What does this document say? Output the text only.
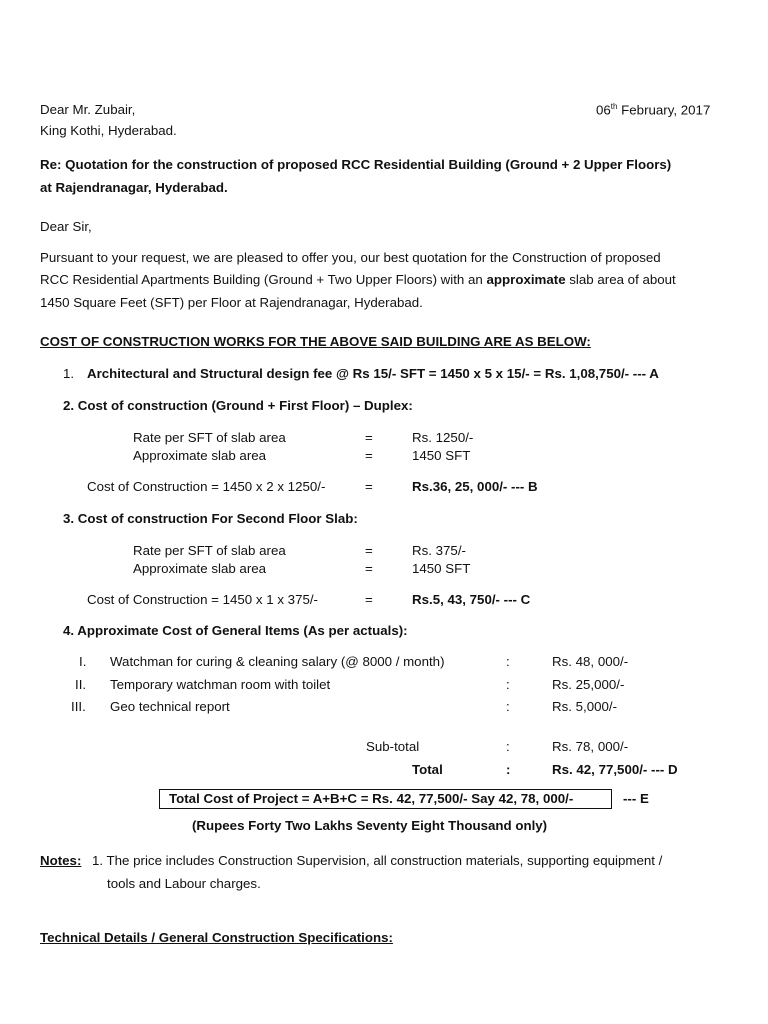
Dear Mr. Zubair,
King Kothi, Hyderabad.
06th February, 2017
Re: Quotation for the construction of proposed RCC Residential Building (Ground + 2 Upper Floors)
at Rajendranagar, Hyderabad.
Dear Sir,
Pursuant to your request, we are pleased to offer you, our best quotation for the Construction of proposed
RCC Residential Apartments Building (Ground + Two Upper Floors) with an approximate slab area of about
1450 Square Feet (SFT) per Floor at Rajendranagar, Hyderabad.
COST OF CONSTRUCTION WORKS FOR THE ABOVE SAID BUILDING ARE AS BELOW:
1. Architectural and Structural design fee @ Rs 15/- SFT = 1450 x 5 x 15/- = Rs. 1,08,750/- --- A
2. Cost of construction (Ground + First Floor) – Duplex:
Rate per SFT of slab area	=	Rs. 1250/-
Approximate slab area	=	1450 SFT
Cost of Construction = 1450 x 2 x 1250/-	=	Rs.36, 25, 000/- --- B
3. Cost of construction For Second Floor Slab:
Rate per SFT of slab area	=	Rs. 375/-
Approximate slab area	=	1450 SFT
Cost of Construction = 1450 x 1 x 375/-	=	Rs.5, 43, 750/- --- C
4. Approximate Cost of General Items (As per actuals):
I. Watchman for curing & cleaning salary (@ 8000 / month)	:	Rs. 48, 000/-
II. Temporary watchman room with toilet	:	Rs. 25,000/-
III. Geo technical report	:	Rs. 5,000/-
Sub-total	:	Rs. 78, 000/-
Total	:	Rs. 42, 77,500/- --- D
Total Cost of Project = A+B+C = Rs. 42, 77,500/- Say 42, 78, 000/-	--- E
(Rupees Forty Two Lakhs Seventy Eight Thousand only)
Notes: 1. The price includes Construction Supervision, all construction materials, supporting equipment /
tools and Labour charges.
Technical Details / General Construction Specifications:
